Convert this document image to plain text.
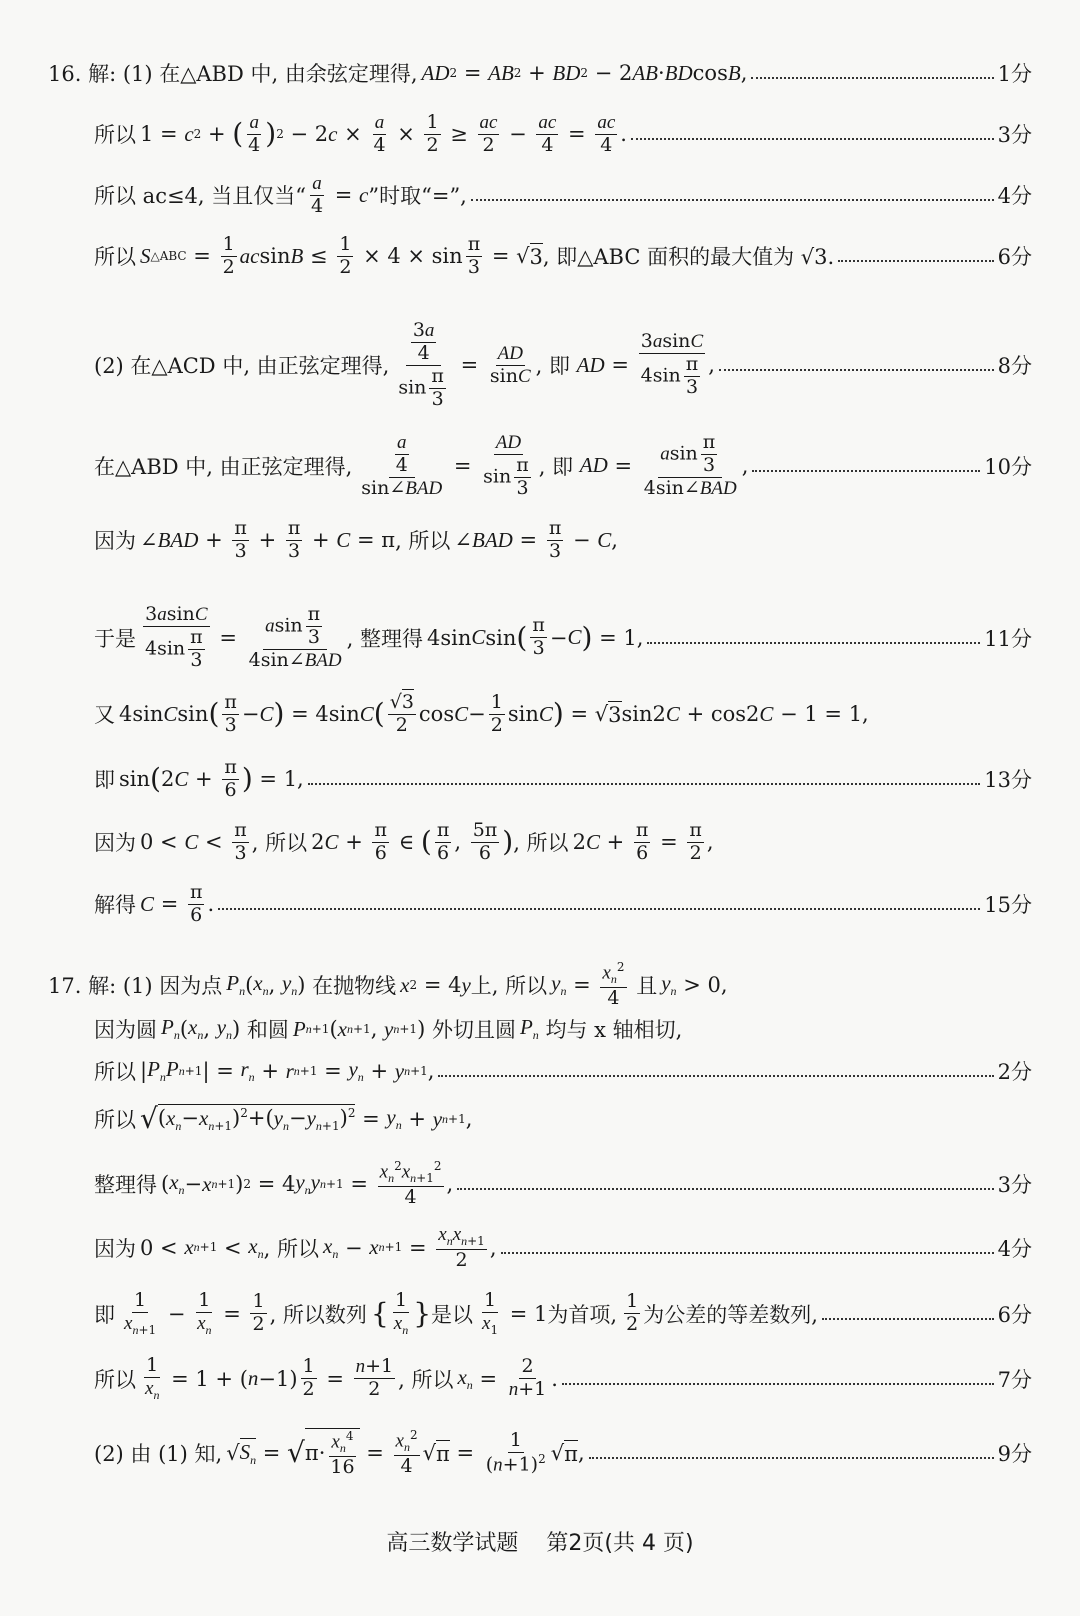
16. 解: (1) 在△ABD 中, 由余弦定理得, AD 2 = AB 2 + BD 2 − 2 AB · BD cos B ,	1分
所以 1 = c 2 + ( a
4 ) 2 − 2 c × a
4 ×
1
2 ≥ ac
2 − ac
4 = ac
4 .	3分
所以 ac≤4, 当且仅当“
a
4 = c ”时取“=”,	4分
所以 S △ABC =
1
2 ac sin B ≤
1
2 × 4 × sin
π
3 = √ 3 , 即△ABC 面积的最大值为 √3.	6分
(2) 在△ACD 中, 由正弦定理得,
$\frac{3a}{4}$
$\sin \frac{\pi}{3}$
= AD
sinC , 即 AD =
3asinC
$4\sin \frac{\pi}{3}$ ,	8分
在△ABD 中, 由正弦定理得, $\frac{a}{4}$
sin∠BAD
=
AD
$\sin \frac{\pi}{3}$ , 即 AD = asin $\frac{\pi}{3}$
4sin∠BAD
,	10分
因为 ∠ BAD +
π
3 +
π
3 + C = π , 所以 ∠ BAD =
π
3 − C ,
于是
3asinC
$4\sin \frac{\pi}{3} = asin \frac{\pi}{3}$
4sin∠BAD
, 整理得 4sin C sin ( π
3 − C ) = 1,	11分
又 4sin C sin ( π
3 − C ) = 4sin C ( √3
2 cos C −
1
2 sin C ) = √ 3 sin2 C + cos2 C − 1 = 1,
即 sin ( 2 C +
π
6 ) = 1,	13分
因为 0 < C <
π
3 , 所以 2 C +
π
6 ∈ ( π
6 ,
5π
6 ) , 所以 2 C +
π
6 =
π
2 ,
解得 C =
π
6 .	15分
17. 解: (1) 因为点 $P_n$ ( $x_n$ , $y_n$ ) 在抛物线 x 2 = 4 y 上, 所以 $y_n$ =
$x_n^2$
4
且 $y_n > 0$,
因为圆 $P_n$ ( $x_n$ , $y_n$ ) 和圆 P n+1 ( x n+1 , y n+1 ) 外切且圆 $P_n$
均与 x 轴相切,
所以 | $P_nP$ n+1 | = $r_n + r$ $n+1 = y_n + y$ n+1 ,	2分
所以 √ $(x_n-x_{n+1})^2+(y_n-y_{n+1})^2 = y_n + y$ n+1 ,
整理得 ( $x_n - x$ n+1 ) 2 = 4 $y_ny$ n+1 =
$x_n^2x_{n+1}^2$
4
,	3分
因为 0 < x $n+1 < x_n$ , 所以 $x_n - x$ n+1 =
$x_nx_{n+1}$
2 ,	4分
即
1
$x_{n+1}$
−
1
$x_n$
=
1
2 , 所以数列 { 1
$x_n$ } 是以
1
$x_1$
= 1 为首项,
1
2 为公差的等差数列,	6分
所以
1
$x_n$
= 1 + ( n −1)
1
2 = n+1
2 , 所以 $x_n$ =
2
n+1 .	7分
(2) 由 (1) 知, √ $S_n$ = √ $\pi\cdot \frac{x_n^4}{16}$ =
$x_n^2$
4
√ π =
1
$(n+1)^2$ √ π ,	9分
高三数学试题 第2页(共 4 页)
